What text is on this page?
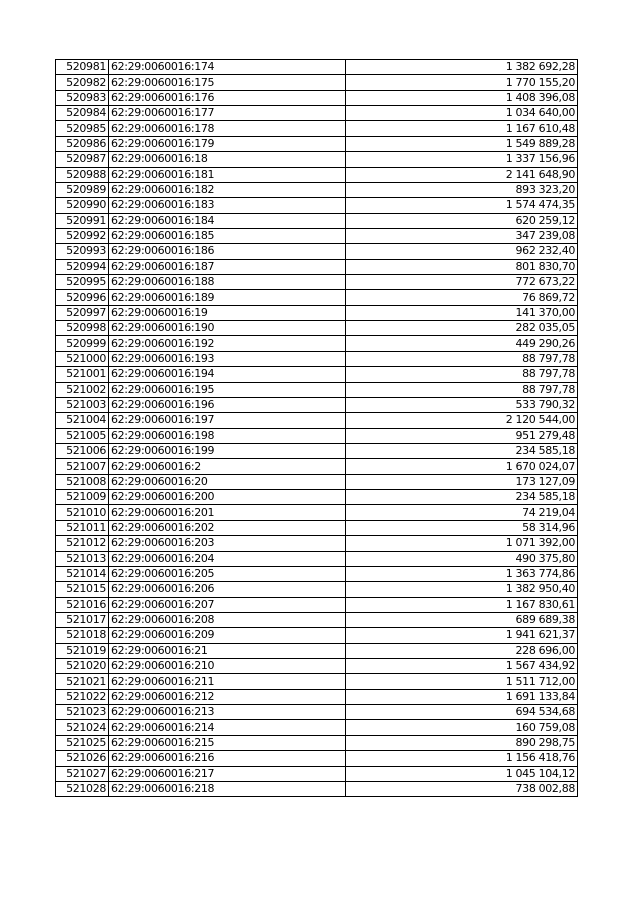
520981	62:29:0060016:174	1 382 692,28
520982	62:29:0060016:175	1 770 155,20
520983	62:29:0060016:176	1 408 396,08
520984	62:29:0060016:177	1 034 640,00
520985	62:29:0060016:178	1 167 610,48
520986	62:29:0060016:179	1 549 889,28
520987	62:29:0060016:18	1 337 156,96
520988	62:29:0060016:181	2 141 648,90
520989	62:29:0060016:182	893 323,20
520990	62:29:0060016:183	1 574 474,35
520991	62:29:0060016:184	620 259,12
520992	62:29:0060016:185	347 239,08
520993	62:29:0060016:186	962 232,40
520994	62:29:0060016:187	801 830,70
520995	62:29:0060016:188	772 673,22
520996	62:29:0060016:189	76 869,72
520997	62:29:0060016:19	141 370,00
520998	62:29:0060016:190	282 035,05
520999	62:29:0060016:192	449 290,26
521000	62:29:0060016:193	88 797,78
521001	62:29:0060016:194	88 797,78
521002	62:29:0060016:195	88 797,78
521003	62:29:0060016:196	533 790,32
521004	62:29:0060016:197	2 120 544,00
521005	62:29:0060016:198	951 279,48
521006	62:29:0060016:199	234 585,18
521007	62:29:0060016:2	1 670 024,07
521008	62:29:0060016:20	173 127,09
521009	62:29:0060016:200	234 585,18
521010	62:29:0060016:201	74 219,04
521011	62:29:0060016:202	58 314,96
521012	62:29:0060016:203	1 071 392,00
521013	62:29:0060016:204	490 375,80
521014	62:29:0060016:205	1 363 774,86
521015	62:29:0060016:206	1 382 950,40
521016	62:29:0060016:207	1 167 830,61
521017	62:29:0060016:208	689 689,38
521018	62:29:0060016:209	1 941 621,37
521019	62:29:0060016:21	228 696,00
521020	62:29:0060016:210	1 567 434,92
521021	62:29:0060016:211	1 511 712,00
521022	62:29:0060016:212	1 691 133,84
521023	62:29:0060016:213	694 534,68
521024	62:29:0060016:214	160 759,08
521025	62:29:0060016:215	890 298,75
521026	62:29:0060016:216	1 156 418,76
521027	62:29:0060016:217	1 045 104,12
521028	62:29:0060016:218	738 002,88
